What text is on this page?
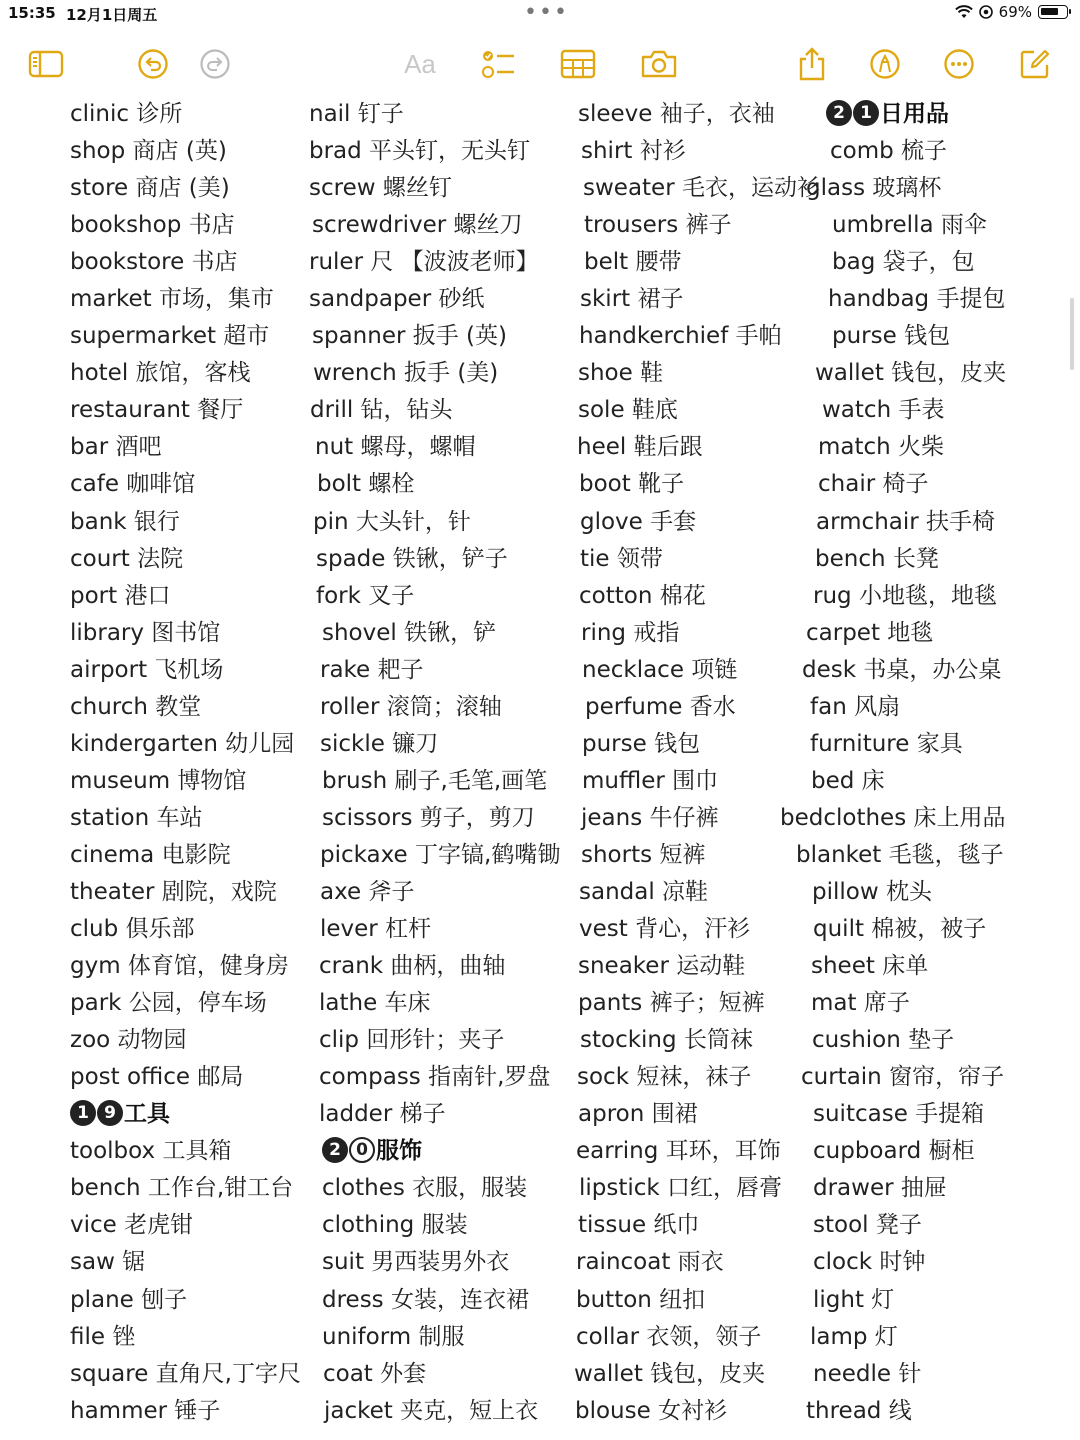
15:35 12月1日周五	•••	69%
Aa
clinic 诊所
shop 商店 (英)
store 商店 (美)
bookshop 书店
bookstore 书店
market 市场，集市
supermarket 超市
hotel 旅馆，客栈
restaurant 餐厅
bar 酒吧
cafe 咖啡馆
bank 银行
court 法院
port 港口
library 图书馆
airport 飞机场
church 教堂
kindergarten 幼儿园
museum 博物馆
station 车站
cinema 电影院
theater 剧院，戏院
club 俱乐部
gym 体育馆，健身房
park 公园，停车场
zoo 动物园
post office 邮局
1 9 工具
toolbox 工具箱
bench 工作台,钳工台
vice 老虎钳
saw 锯
plane 刨子
file 锉
square 直角尺,丁字尺
hammer 锤子
nail 钉子
brad 平头钉，无头钉
screw 螺丝钉
screwdriver 螺丝刀
ruler 尺 【波波老师】
sandpaper 砂纸
spanner 扳手 (英)
wrench 扳手 (美)
drill 钻，钻头
nut 螺母，螺帽
bolt 螺栓
pin 大头针，针
spade 铁锹，铲子
fork 叉子
shovel 铁锹，铲
rake 耙子
roller 滚筒；滚轴
sickle 镰刀
brush 刷子,毛笔,画笔
scissors 剪子，剪刀
pickaxe 丁字镐,鹤嘴锄
axe 斧子
lever 杠杆
crank 曲柄，曲轴
lathe 车床
clip 回形针；夹子
compass 指南针,罗盘
ladder 梯子
2 0 服饰
clothes 衣服，服装
clothing 服装
suit 男西装男外衣
dress 女装，连衣裙
uniform 制服
coat 外套
jacket 夹克，短上衣
sleeve 袖子，衣袖
shirt 衬衫
sweater 毛衣，运动衫
trousers 裤子
belt 腰带
skirt 裙子
handkerchief 手帕
shoe 鞋
sole 鞋底
heel 鞋后跟
boot 靴子
glove 手套
tie 领带
cotton 棉花
ring 戒指
necklace 项链
perfume 香水
purse 钱包
muffler 围巾
jeans 牛仔裤
shorts 短裤
sandal 凉鞋
vest 背心，汗衫
sneaker 运动鞋
pants 裤子；短裤
stocking 长筒袜
sock 短袜，袜子
apron 围裙
earring 耳环，耳饰
lipstick 口红，唇膏
tissue 纸巾
raincoat 雨衣
button 纽扣
collar 衣领，领子
wallet 钱包，皮夹
blouse 女衬衫
2 1 日用品
comb 梳子
glass 玻璃杯
umbrella 雨伞
bag 袋子，包
handbag 手提包
purse 钱包
wallet 钱包，皮夹
watch 手表
match 火柴
chair 椅子
armchair 扶手椅
bench 长凳
rug 小地毯，地毯
carpet 地毯
desk 书桌，办公桌
fan 风扇
furniture 家具
bed 床
bedclothes 床上用品
blanket 毛毯，毯子
pillow 枕头
quilt 棉被，被子
sheet 床单
mat 席子
cushion 垫子
curtain 窗帘，帘子
suitcase 手提箱
cupboard 橱柜
drawer 抽屉
stool 凳子
clock 时钟
light 灯
lamp 灯
needle 针
thread 线
